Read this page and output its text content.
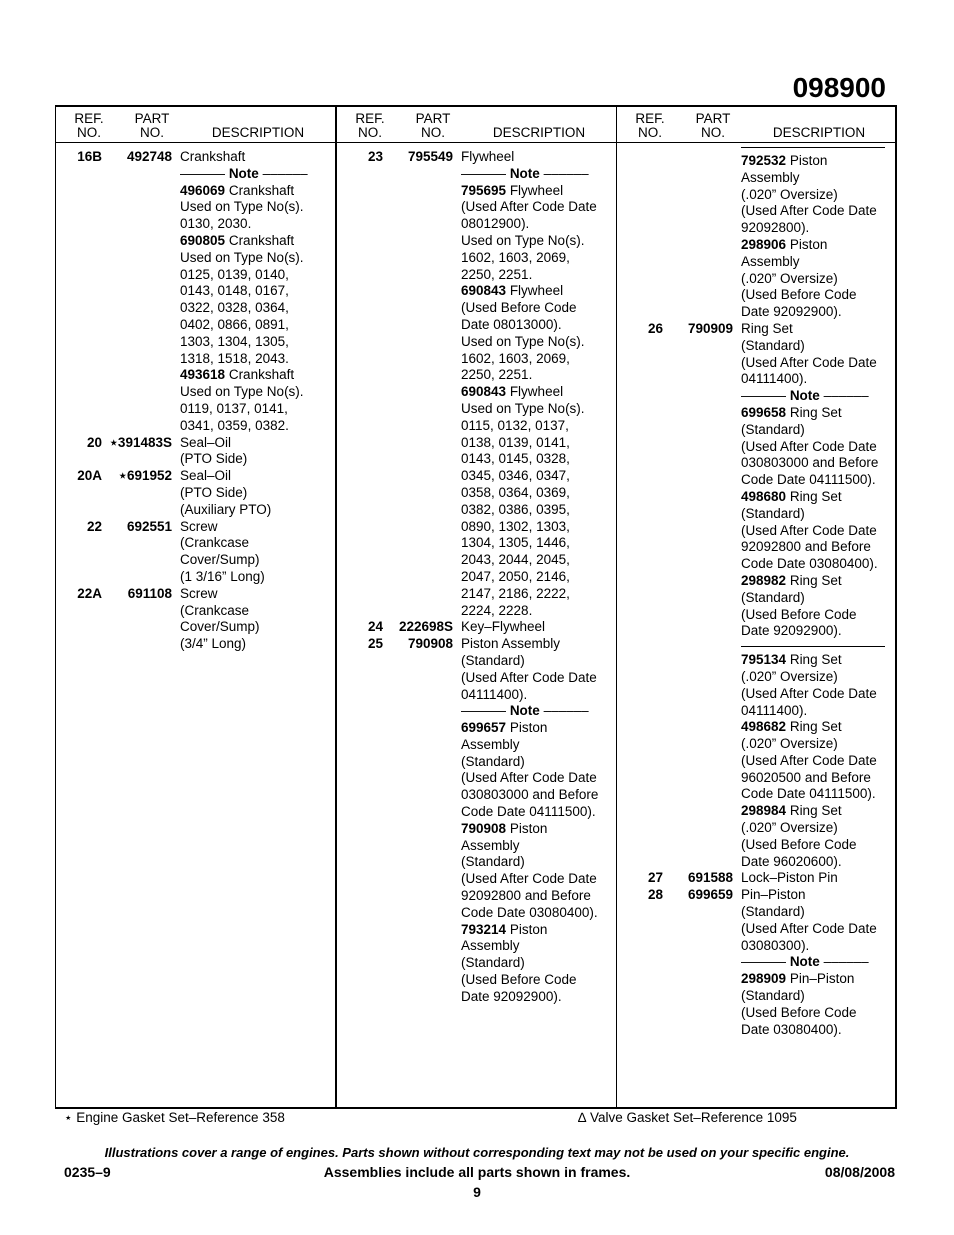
098900
REF.
NO.
PART
NO.	DESCRIPTION
16B	492748 Crankshaft
–––––– Note ––––––
496069 Crankshaft
Used on Type No(s).
0130, 2030.
690805 Crankshaft
Used on Type No(s).
0125, 0139, 0140,
0143, 0148, 0167,
0322, 0328, 0364,
0402, 0866, 0891,
1303, 1304, 1305,
1318, 1518, 2043.
493618 Crankshaft
Used on Type No(s).
0119, 0137, 0141,
0341, 0359, 0382.
20 ⋆391483S Seal–Oil
(PTO Side)
20A	⋆691952 Seal–Oil
(PTO Side)
(Auxiliary PTO)
22	692551 Screw
(Crankcase
Cover/Sump)
(1 3/16” Long)
22A	691108 Screw
(Crankcase
Cover/Sump)
(3/4” Long)
REF.
NO.
PART
NO.	DESCRIPTION
23	795549 Flywheel
–––––– Note ––––––
795695 Flywheel
(Used After Code Date
08012900).
Used on Type No(s).
1602, 1603, 2069,
2250, 2251.
690843 Flywheel
(Used Before Code
Date 08013000).
Used on Type No(s).
1602, 1603, 2069,
2250, 2251.
690843 Flywheel
Used on Type No(s).
0115, 0132, 0137,
0138, 0139, 0141,
0143, 0145, 0328,
0345, 0346, 0347,
0358, 0364, 0369,
0382, 0386, 0395,
0890, 1302, 1303,
1304, 1305, 1446,
2043, 2044, 2045,
2047, 2050, 2146,
2147, 2186, 2222,
2224, 2228.
24	222698S Key–Flywheel
25	790908 Piston Assembly
(Standard)
(Used After Code Date
04111400).
–––––– Note ––––––
699657 Piston
Assembly
(Standard)
(Used After Code Date
030803000 and Before
Code Date 04111500).
790908 Piston
Assembly
(Standard)
(Used After Code Date
92092800 and Before
Code Date 03080400).
793214 Piston
Assembly
(Standard)
(Used Before Code
Date 92092900).
REF.
NO.
PART
NO.	DESCRIPTION
792532 Piston
Assembly
(.020” Oversize)
(Used After Code Date
92092800).
298906 Piston
Assembly
(.020” Oversize)
(Used Before Code
Date 92092900).
26	790909 Ring Set
(Standard)
(Used After Code Date
04111400).
–––––– Note ––––––
699658 Ring Set
(Standard)
(Used After Code Date
030803000 and Before
Code Date 04111500).
498680 Ring Set
(Standard)
(Used After Code Date
92092800 and Before
Code Date 03080400).
298982 Ring Set
(Standard)
(Used Before Code
Date 92092900).
795134 Ring Set
(.020” Oversize)
(Used After Code Date
04111400).
498682 Ring Set
(.020” Oversize)
(Used After Code Date
96020500 and Before
Code Date 04111500).
298984 Ring Set
(.020” Oversize)
(Used Before Code
Date 96020600).
27	691588 Lock–Piston Pin
28	699659 Pin–Piston
(Standard)
(Used After Code Date
03080300).
–––––– Note ––––––
298909 Pin–Piston
(Standard)
(Used Before Code
Date 03080400).
⋆ Engine Gasket Set–Reference 358	∆ Valve Gasket Set–Reference 1095
Illustrations cover a range of engines. Parts shown without corresponding text may not be used on your specific engine.
0235–9	Assemblies include all parts shown in frames.	08/08/2008
9
